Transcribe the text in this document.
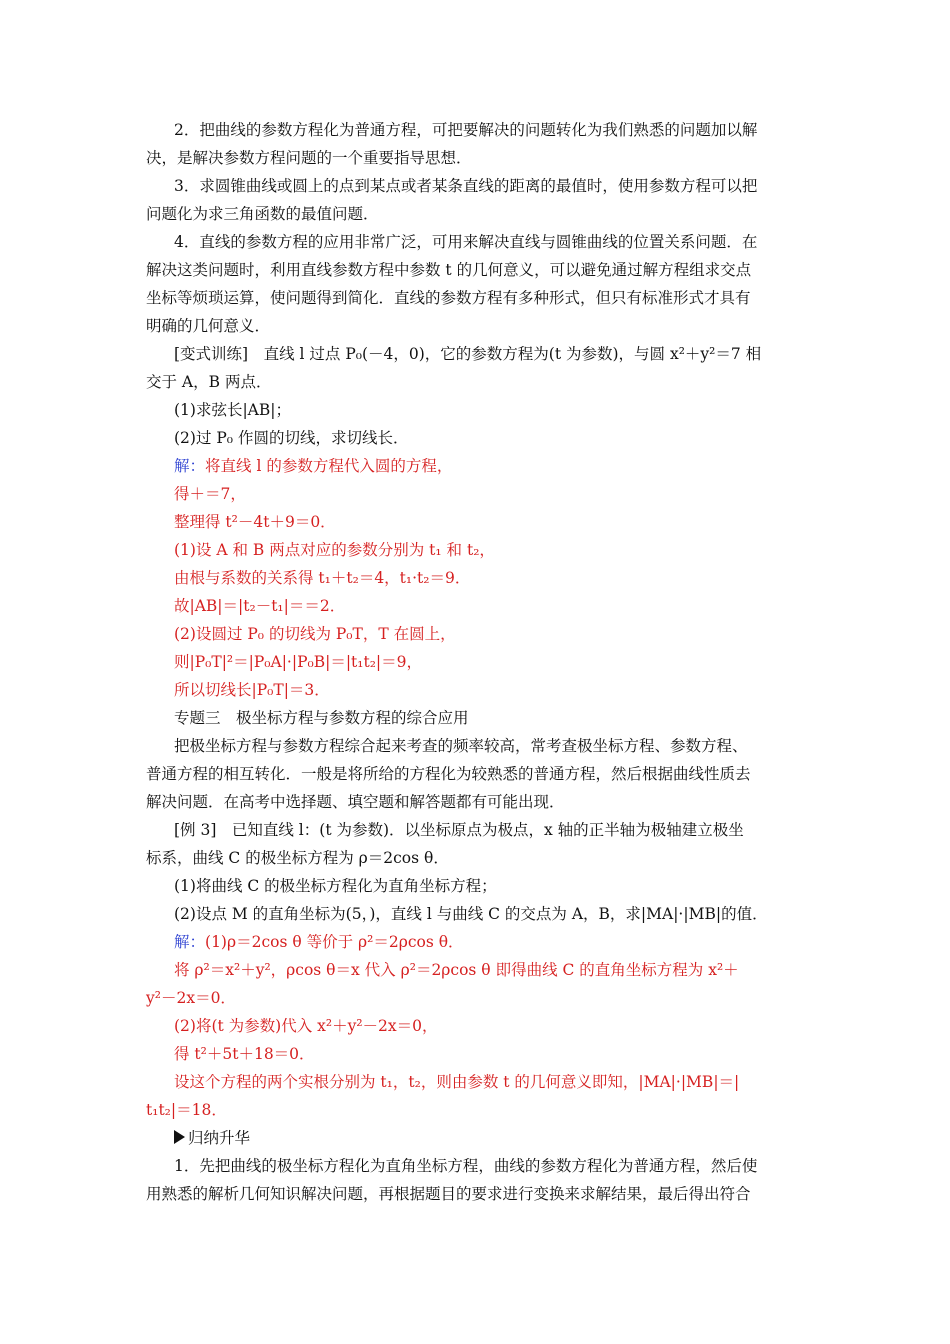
2．把曲线的参数方程化为普通方程，可把要解决的问题转化为我们熟悉的问题加以解
决，是解决参数方程问题的一个重要指导思想．
3．求圆锥曲线或圆上的点到某点或者某条直线的距离的最值时，使用参数方程可以把
问题化为求三角函数的最值问题．
4．直线的参数方程的应用非常广泛，可用来解决直线与圆锥曲线的位置关系问题．在
解决这类问题时，利用直线参数方程中参数 t 的几何意义，可以避免通过解方程组求交点
坐标等烦琐运算，使问题得到简化．直线的参数方程有多种形式，但只有标准形式才具有
明确的几何意义．
[变式训练]　直线 l 过点 P₀(－4，0)，它的参数方程为(t 为参数)，与圆 x²＋y²＝7 相
交于 A，B 两点．
(1)求弦长|AB|；
(2)过 P₀ 作圆的切线，求切线长．
解：将直线 l 的参数方程代入圆的方程，
得＋＝7，
整理得 t²－4t＋9＝0．
(1)设 A 和 B 两点对应的参数分别为 t₁ 和 t₂，
由根与系数的关系得 t₁＋t₂＝4，t₁·t₂＝9．
故|AB|＝|t₂－t₁|＝＝2．
(2)设圆过 P₀ 的切线为 P₀T，T 在圆上，
则|P₀T|²＝|P₀A|·|P₀B|＝|t₁t₂|＝9，
所以切线长|P₀T|＝3．
专题三　极坐标方程与参数方程的综合应用
把极坐标方程与参数方程综合起来考查的频率较高，常考查极坐标方程、参数方程、
普通方程的相互转化．一般是将所给的方程化为较熟悉的普通方程，然后根据曲线性质去
解决问题．在高考中选择题、填空题和解答题都有可能出现．
[例 3]　已知直线 l：(t 为参数)．以坐标原点为极点，x 轴的正半轴为极轴建立极坐
标系，曲线 C 的极坐标方程为 ρ＝2cos θ．
(1)将曲线 C 的极坐标方程化为直角坐标方程；
(2)设点 M 的直角坐标为(5，)，直线 l 与曲线 C 的交点为 A，B，求|MA|·|MB|的值．
解：(1)ρ＝2cos θ 等价于 ρ²＝2ρcos θ．
将 ρ²＝x²＋y²，ρcos θ＝x 代入 ρ²＝2ρcos θ 即得曲线 C 的直角坐标方程为 x²＋
y²－2x＝0．
(2)将(t 为参数)代入 x²＋y²－2x＝0，
得 t²＋5t＋18＝0．
设这个方程的两个实根分别为 t₁，t₂，则由参数 t 的几何意义即知，|MA|·|MB|＝|
t₁t₂|＝18．
归纳升华
1．先把曲线的极坐标方程化为直角坐标方程，曲线的参数方程化为普通方程，然后使
用熟悉的解析几何知识解决问题，再根据题目的要求进行变换来求解结果，最后得出符合
